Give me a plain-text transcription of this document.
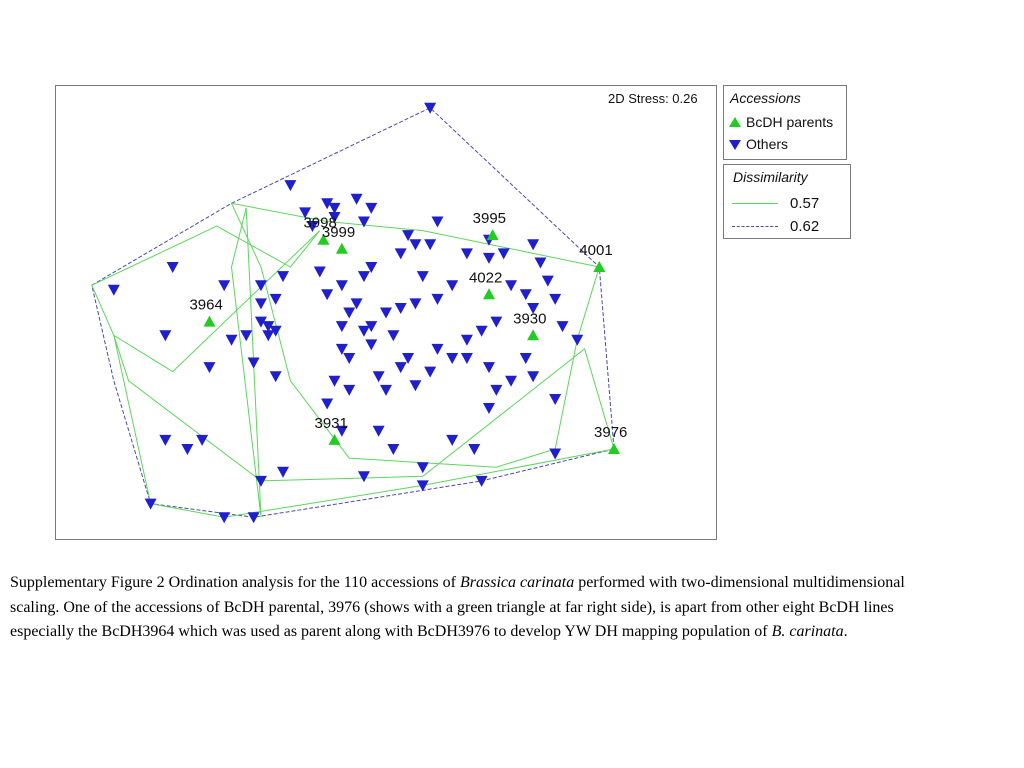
3964
3998
3999
3995
4001
4022
3930
3931
3976
2D Stress: 0.26 Accessions
BcDH parents
Others
Dissimilarity
0.57
0.62
Supplementary Figure 2 Ordination analysis for the 110 accessions of Brassica carinata performed with two-dimensional multidimensional scaling. One of the accessions of BcDH parental, 3976 (shows with a green triangle at far right side), is apart from other eight BcDH lines especially the BcDH3964 which was used as parent along with BcDH3976 to develop YW DH mapping population of B. carinata.
